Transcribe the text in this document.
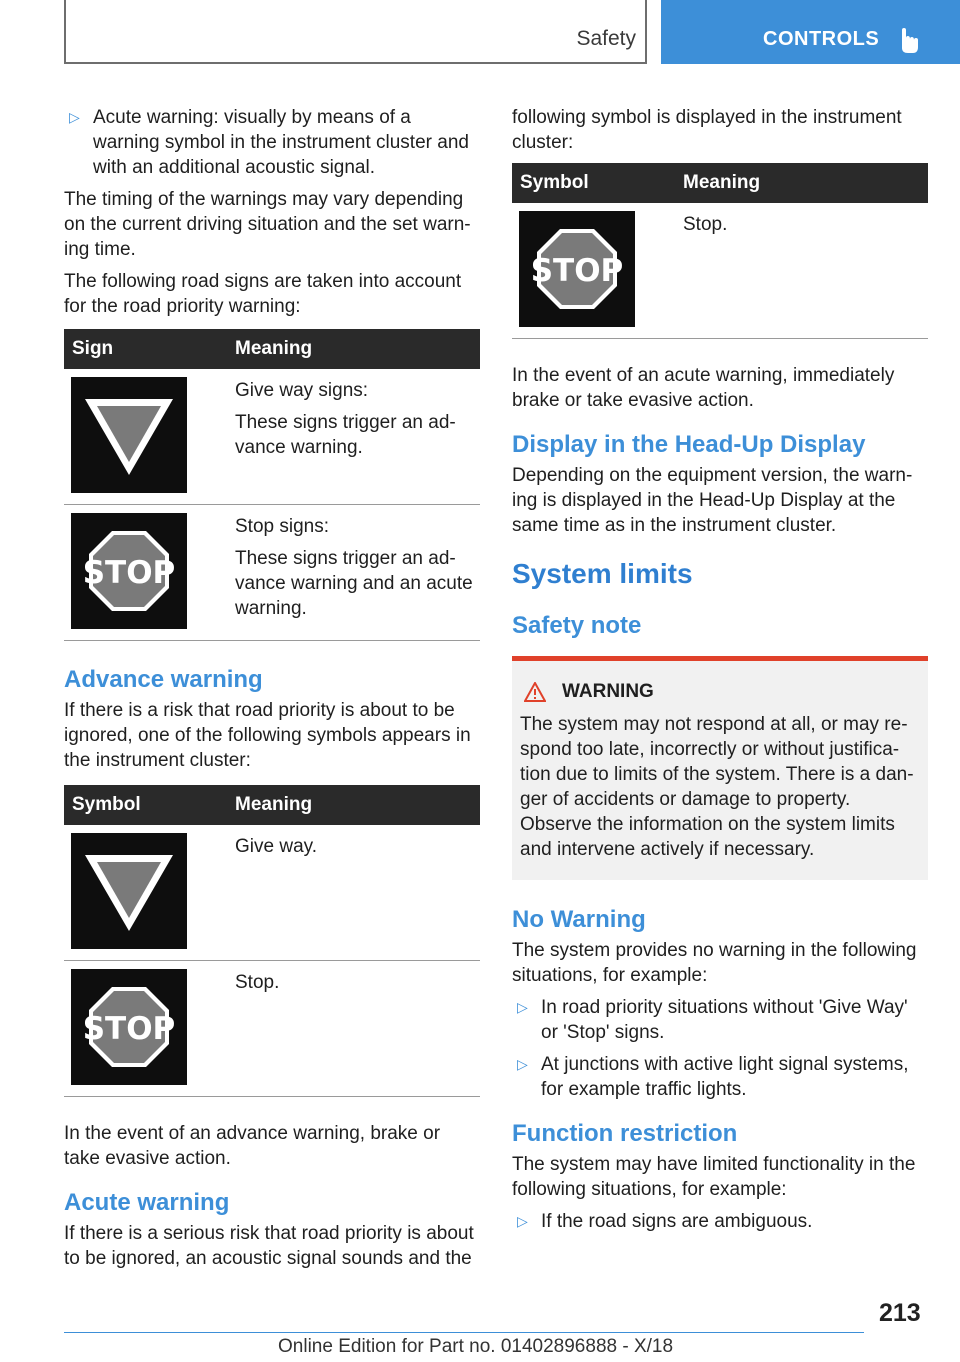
Safety	CONTROLS
▷ Acute warning: visually by means of a warning symbol in the instrument cluster and with an additional acoustic signal.

The timing of the warnings may vary depending on the current driving situation and the set warn‐ing time.

The following road signs are taken into account for the road priority warning:

Sign	Meaning

Give way signs:

These signs trigger an ad‐vance warning.

Stop signs:

These signs trigger an ad‐vance warning and an acute warning.

Advance warning

If there is a risk that road priority is about to be ignored, one of the following symbols appears in the instrument cluster:

Symbol	Meaning

Give way.

Stop.

In the event of an advance warning, brake or take evasive action.

Acute warning

If there is a serious risk that road priority is about to be ignored, an acoustic signal sounds and the

following symbol is displayed in the instrument cluster:

Symbol	Meaning

Stop.

In the event of an acute warning, immediately brake or take evasive action.

Display in the Head-Up Display

Depending on the equipment version, the warn‐ing is displayed in the Head-Up Display at the same time as in the instrument cluster.

System limits
Safety note
WARNING

The system may not respond at all, or may re‐spond too late, incorrectly or without justifica‐tion due to limits of the system. There is a dan‐ger of accidents or damage to property. Observe the information on the system limits and intervene actively if necessary.

No Warning

The system provides no warning in the following situations, for example:

▷ In road priority situations without 'Give Way' or 'Stop' signs.
▷ At junctions with active light signal systems, for example traffic lights.
Function restriction

The system may have limited functionality in the following situations, for example:

▷ If the road signs are ambiguous.
213
Online Edition for Part no. 01402896888 - X/18
